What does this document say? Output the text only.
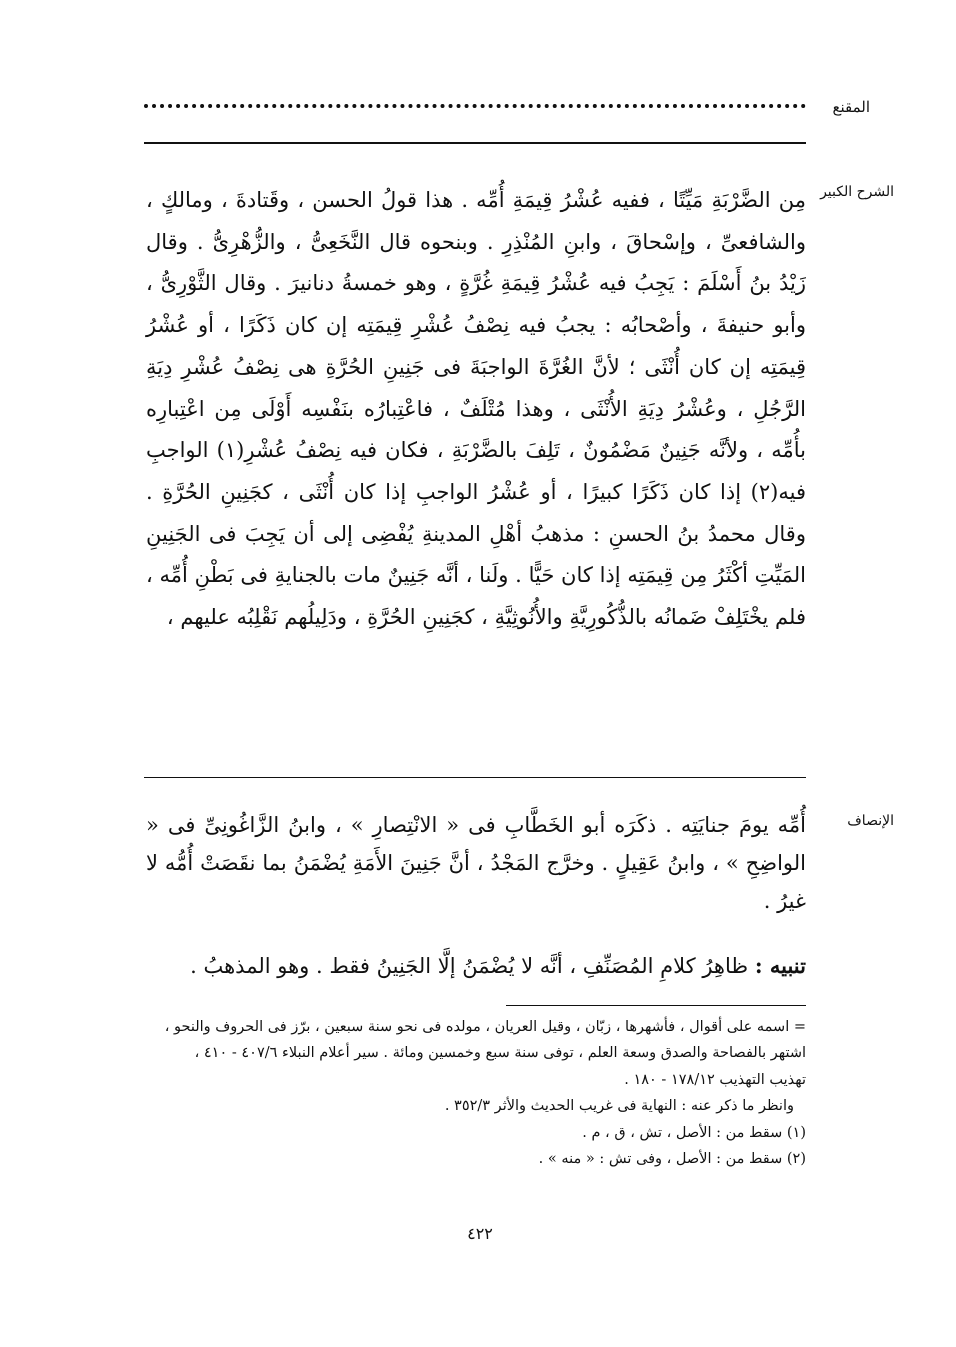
المقنع
الشرح الكبير
مِن الضَّرْبَةِ مَيِّتًا ، ففيه عُشْرُ قِيمَةِ أُمِّه . هذا قولُ الحسن ، وقَتادةَ ، ومالكٍ ، والشافعىِّ ، وإسْحاقَ ، وابنِ المُنْذِرِ . وبنحوه قال النَّخَعِىُّ ، والزُّهْرِىُّ . وقال زَيْدُ بنُ أَسْلَمَ : يَجِبُ فيه عُشْرُ قِيمَةِ غُرَّةٍ ، وهو خمسةُ دنانيرَ . وقال الثَّوْرِىُّ ، وأبو حنيفةَ ، وأصْحابُه : يجبُ فيه نِصْفُ عُشْرِ قِيمَتِه إن كان ذَكَرًا ، أو عُشْرُ قِيمَتِه إن كان أُنْثَى ؛ لأنَّ الغُرَّةَ الواجبَةَ فى جَنِينِ الحُرَّةِ هى نِصْفُ عُشْرِ دِيَةِ الرَّجُلِ ، وعُشْرُ دِيَةِ الأُنْثَى ، وهذا مُتْلَفٌ ، فاعْتِبارُه بنَفْسِه أَوْلَى مِن اعْتِبارِه بأُمِّه ، ولأنَّه جَنِينٌ مَضْمُونٌ ، تَلِفَ بالضَّرْبَةِ ، فكان فيه نِصْفُ عُشْرِ(١) الواجبِ فيه(٢) إذا كان ذَكَرًا كبيرًا ، أو عُشْرُ الواجبِ إذا كان أُنْثَى ، كجَنِينِ الحُرَّةِ . وقال محمدُ بنُ الحسنِ : مذهبُ أهْلِ المدينةِ يُفْضِى إلى أن يَجِبَ فى الجَنِينِ المَيِّتِ أكْثَرُ مِن قِيمَتِه إذا كان حَيًّا . ولَنا ، أنَّه جَنِينٌ مات بالجنايةِ فى بَطْنِ أُمِّه ، فلم يخْتَلِفْ ضَمانُه بالذُّكُورِيَّةِ والأُنُوثِيَّةِ ، كجَنِينِ الحُرَّةِ ، ودَلِيلُهم نَقْلِبُه عليهم ،
الإنصاف
أُمِّه يومَ جنايَتِه . ذكَرَه أبو الخَطَّابِ فى « الانْتِصارِ » ، وابنُ الزَّاغُونِىِّ فى « الواضِحِ » ، وابنُ عَقِيلٍ . وخرَّج المَجْدُ ، أنَّ جَنِينَ الأَمَةِ يُضْمَنُ بما نقَصَتْ أُمُّه لا غيرُ .
تنبيه : ظاهِرُ كلامِ المُصَنِّفِ ، أنَّه لا يُضْمَنُ إلَّا الجَنِينُ فقط . وهو المذهبُ .
= اسمه على أقوال ، فأشهرها ، زبّان ، وقيل العريان ، مولده فى نحو سنة سبعين ، برّز فى الحروف والنحو ،
اشتهر بالفصاحة والصدق وسعة العلم ، توفى سنة سبع وخمسين ومائة . سير أعلام النبلاء ٤٠٧/٦ - ٤١٠ ،
تهذيب التهذيب ١٧٨/١٢ - ١٨٠ .
وانظر ما ذكر عنه : النهاية فى غريب الحديث والأثر ٣٥٢/٣ .
(١) سقط من : الأصل ، تش ، ق ، م .
(٢) سقط من : الأصل ، وفى تش : « منه » .
٤٢٢
